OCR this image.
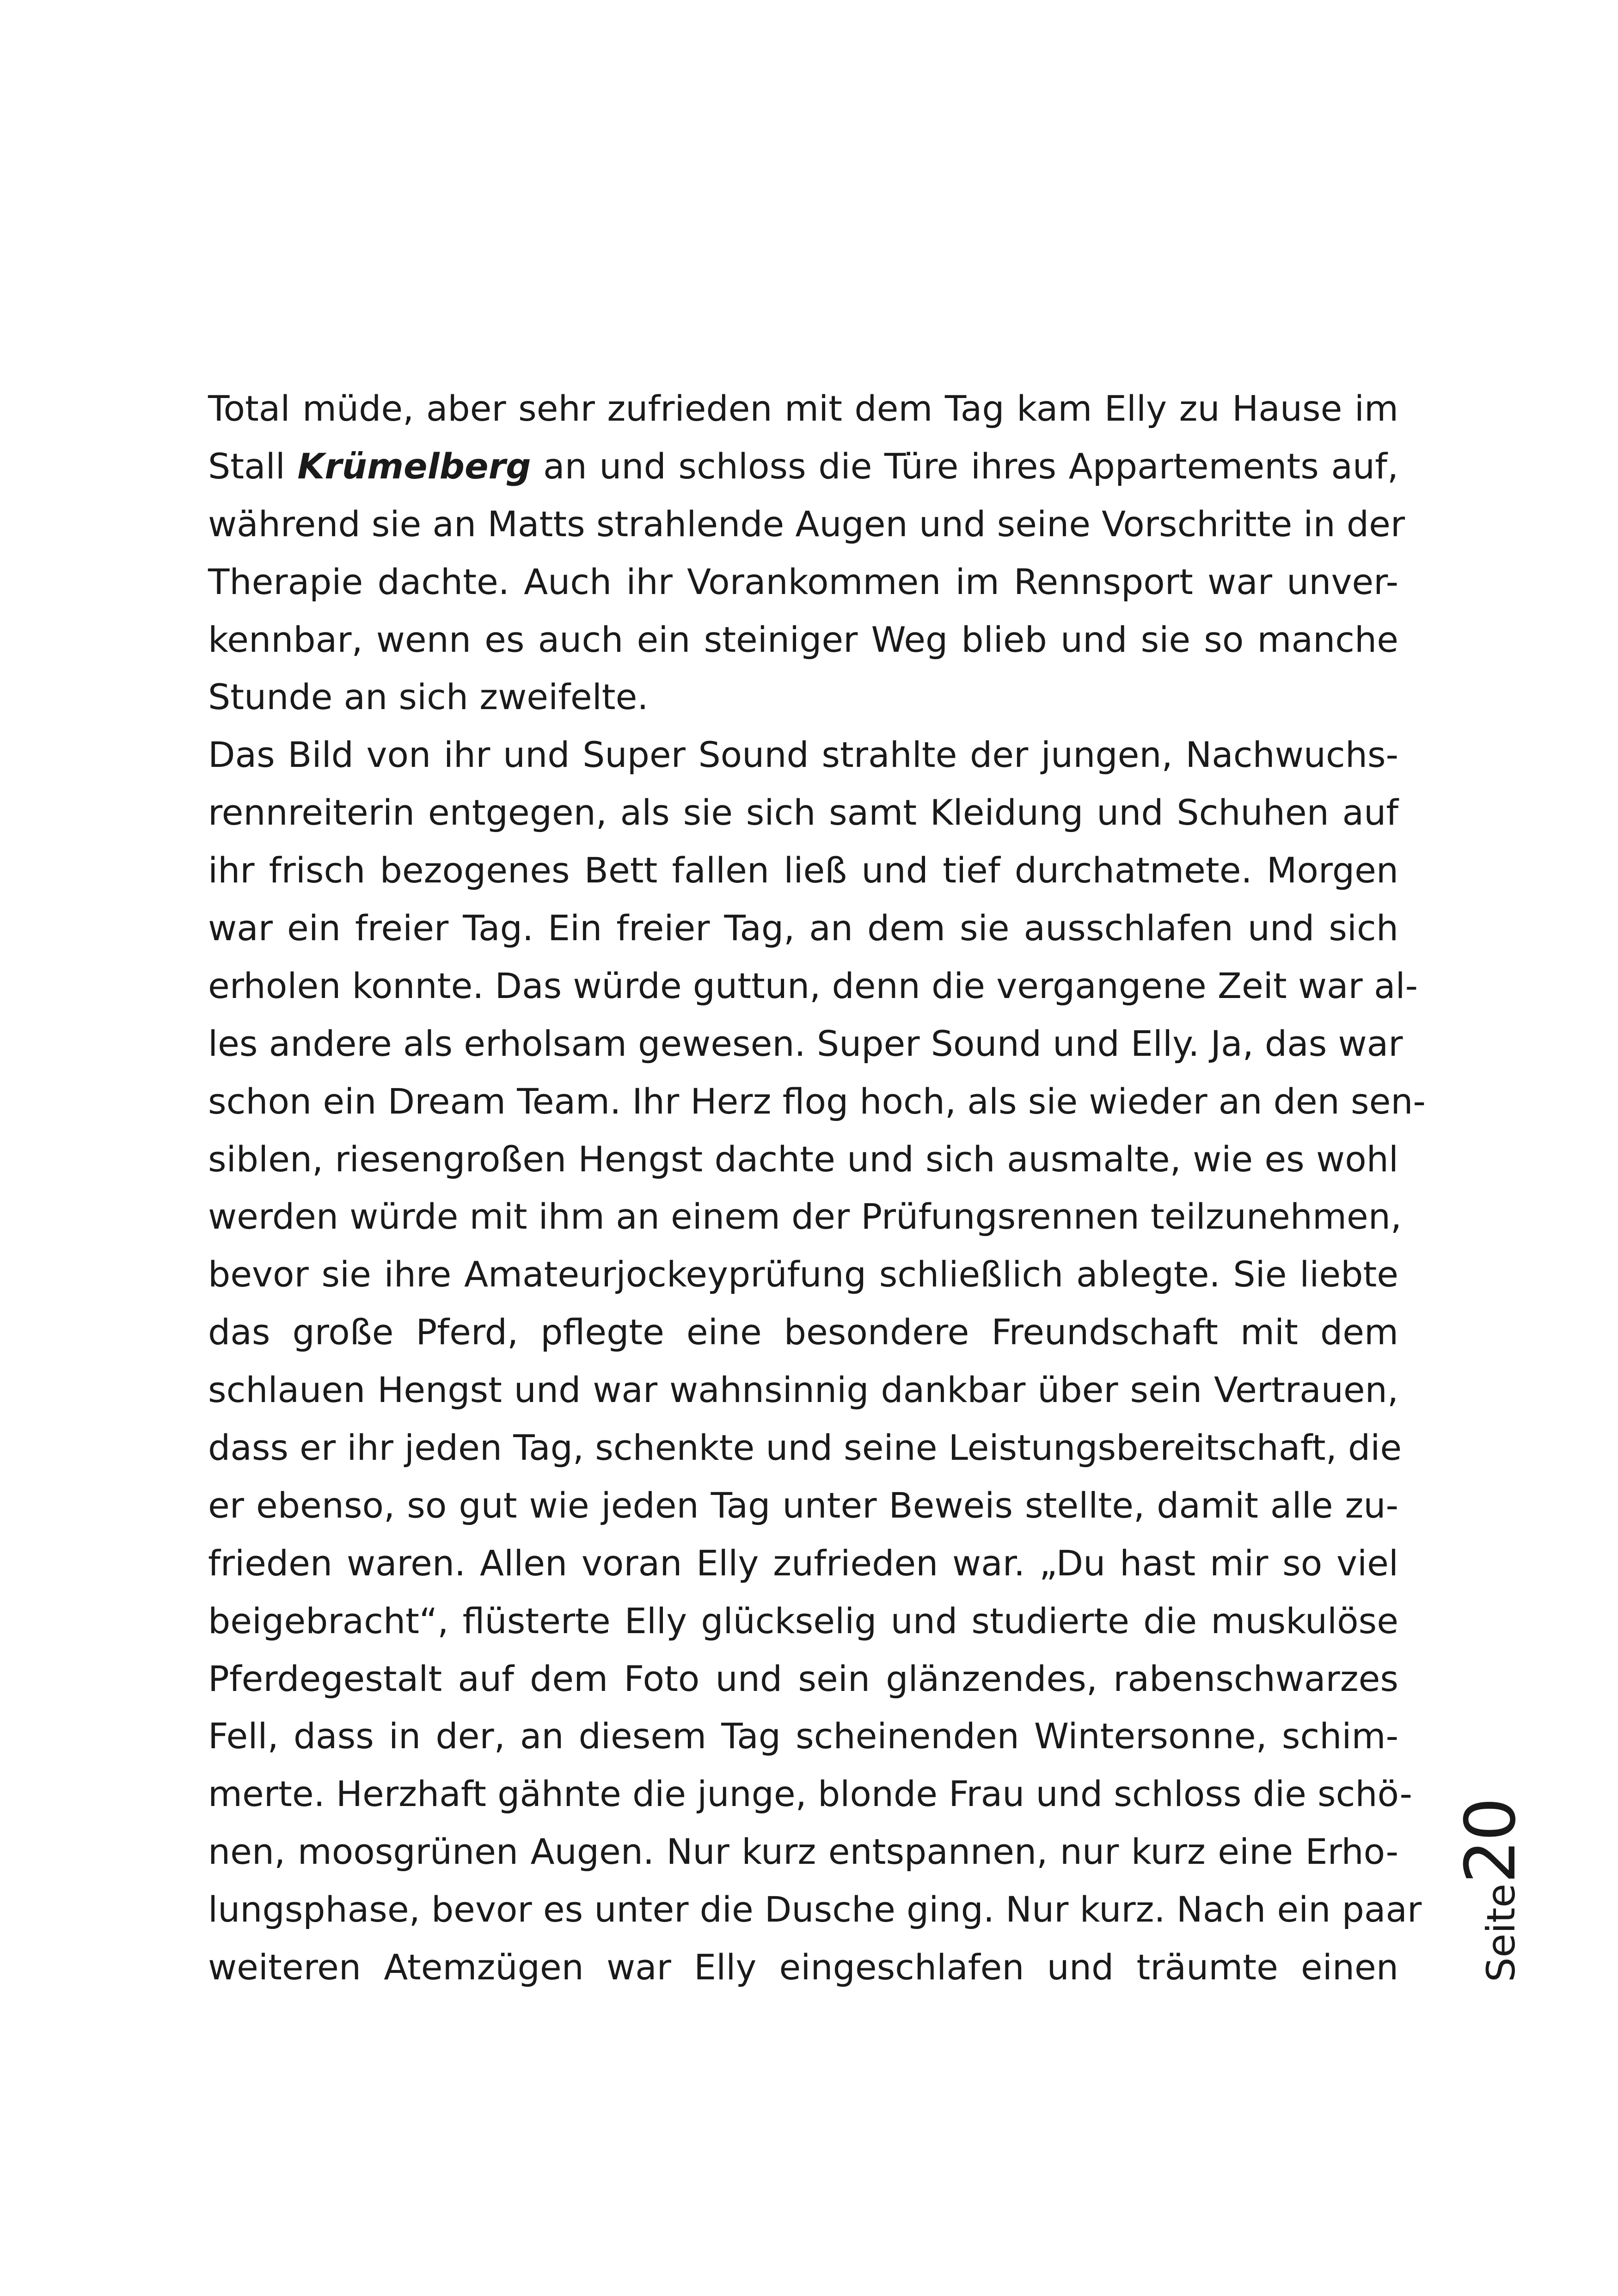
Total müde, aber sehr zufrieden mit dem Tag kam Elly zu Hause im
Stall Krümelberg an und schloss die Türe ihres Appartements auf,
während sie an Matts strahlende Augen und seine Vorschritte in der
Therapie dachte. Auch ihr Vorankommen im Rennsport war unver-
kennbar, wenn es auch ein steiniger Weg blieb und sie so manche
Stunde an sich zweifelte.
Das Bild von ihr und Super Sound strahlte der jungen, Nachwuchs-
rennreiterin entgegen, als sie sich samt Kleidung und Schuhen auf
ihr frisch bezogenes Bett fallen ließ und tief durchatmete. Morgen
war ein freier Tag. Ein freier Tag, an dem sie ausschlafen und sich
erholen konnte. Das würde guttun, denn die vergangene Zeit war al-
les andere als erholsam gewesen. Super Sound und Elly. Ja, das war
schon ein Dream Team. Ihr Herz flog hoch, als sie wieder an den sen-
siblen, riesengroßen Hengst dachte und sich ausmalte, wie es wohl
werden würde mit ihm an einem der Prüfungsrennen teilzunehmen,
bevor sie ihre Amateurjockeyprüfung schließlich ablegte. Sie liebte
das große Pferd, pflegte eine besondere Freundschaft mit dem
schlauen Hengst und war wahnsinnig dankbar über sein Vertrauen,
dass er ihr jeden Tag, schenkte und seine Leistungsbereitschaft, die
er ebenso, so gut wie jeden Tag unter Beweis stellte, damit alle zu-
frieden waren. Allen voran Elly zufrieden war. „Du hast mir so viel
beigebracht“, flüsterte Elly glückselig und studierte die muskulöse
Pferdegestalt auf dem Foto und sein glänzendes, rabenschwarzes
Fell, dass in der, an diesem Tag scheinenden Wintersonne, schim-
merte. Herzhaft gähnte die junge, blonde Frau und schloss die schö-
nen, moosgrünen Augen. Nur kurz entspannen, nur kurz eine Erho-
lungsphase, bevor es unter die Dusche ging. Nur kurz. Nach ein paar
weiteren Atemzügen war Elly eingeschlafen und träumte einen	Seite20
